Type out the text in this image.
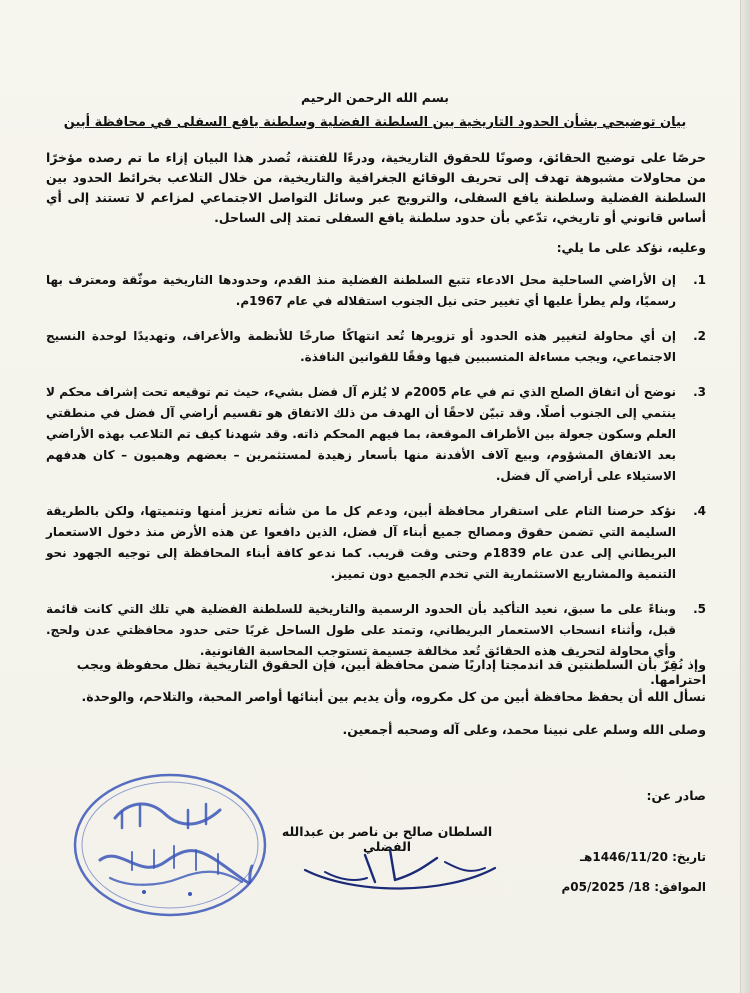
بسم الله الرحمن الرحيم
بيان توضيحي بشأن الحدود التاريخية بين السلطنة الفضلية وسلطنة يافع السفلى في محافظة أبين
حرصًا على توضيح الحقائق، وصونًا للحقوق التاريخية، ودرءًا للفتنة، تُصدر هذا البيان إزاء ما تم رصده مؤخرًا من محاولات مشبوهة تهدف إلى تحريف الوقائع الجغرافية والتاريخية، من خلال التلاعب بخرائط الحدود بين السلطنة الفضلية وسلطنة يافع السفلى، والترويج عبر وسائل التواصل الاجتماعي لمزاعم لا تستند إلى أي أساس قانوني أو تاريخي، تدّعي بأن حدود سلطنة يافع السفلى تمتد إلى الساحل.
وعليه، نؤكد على ما يلي:
1.
إن الأراضي الساحلية محل الادعاء تتبع السلطنة الفضلية منذ القدم، وحدودها التاريخية موثّقة ومعترف بها رسميًا، ولم يطرأ عليها أي تغيير حتى نيل الجنوب استقلاله في عام 1967م.
2.
إن أي محاولة لتغيير هذه الحدود أو تزويرها تُعد انتهاكًا صارخًا للأنظمة والأعراف، وتهديدًا لوحدة النسيج الاجتماعي، ويجب مساءلة المتسببين فيها وفقًا للقوانين النافذة.
3.
نوضح أن اتفاق الصلح الذي تم في عام 2005م لا يُلزم آل فضل بشيء، حيث تم توقيعه تحت إشراف محكم لا ينتمي إلى الجنوب أصلًا. وقد تبيّن لاحقًا أن الهدف من ذلك الاتفاق هو تقسيم أراضي آل فضل في منطقتي العلم وسكون جعولة بين الأطراف الموقعة، بما فيهم المحكم ذاته. وقد شهدنا كيف تم التلاعب بهذه الأراضي بعد الاتفاق المشؤوم، وبيع آلاف الأفدنة منها بأسعار زهيدة لمستثمرين – بعضهم وهميون – كان هدفهم الاستيلاء على أراضي آل فضل.
4.
نؤكد حرصنا التام على استقرار محافظة أبين، ودعم كل ما من شأنه تعزيز أمنها وتنميتها، ولكن بالطريقة السليمة التي تضمن حقوق ومصالح جميع أبناء آل فضل، الذين دافعوا عن هذه الأرض منذ دخول الاستعمار البريطاني إلى عدن عام 1839م وحتى وقت قريب. كما ندعو كافة أبناء المحافظة إلى توجيه الجهود نحو التنمية والمشاريع الاستثمارية التي تخدم الجميع دون تمييز.
5.
وبناءً على ما سبق، نعيد التأكيد بأن الحدود الرسمية والتاريخية للسلطنة الفضلية هي تلك التي كانت قائمة قبل، وأثناء انسحاب الاستعمار البريطاني، وتمتد على طول الساحل غربًا حتى حدود محافظتي عدن ولحج. وأي محاولة لتحريف هذه الحقائق تُعد مخالفة جسيمة تستوجب المحاسبة القانونية.
وإذ نُقِرّ بأن السلطنتين قد اندمجتا إداريًا ضمن محافظة أبين، فإن الحقوق التاريخية تظل محفوظة ويجب احترامها.
نسأل الله أن يحفظ محافظة أبين من كل مكروه، وأن يديم بين أبنائها أواصر المحبة، والتلاحم، والوحدة.
وصلى الله وسلم على نبينا محمد، وعلى آله وصحبه أجمعين.
صادر عن:
السلطان صالح بن ناصر بن عبدالله الفضلي
تاريخ: 1446/11/20هـ
الموافق: 18/ 05/2025م
